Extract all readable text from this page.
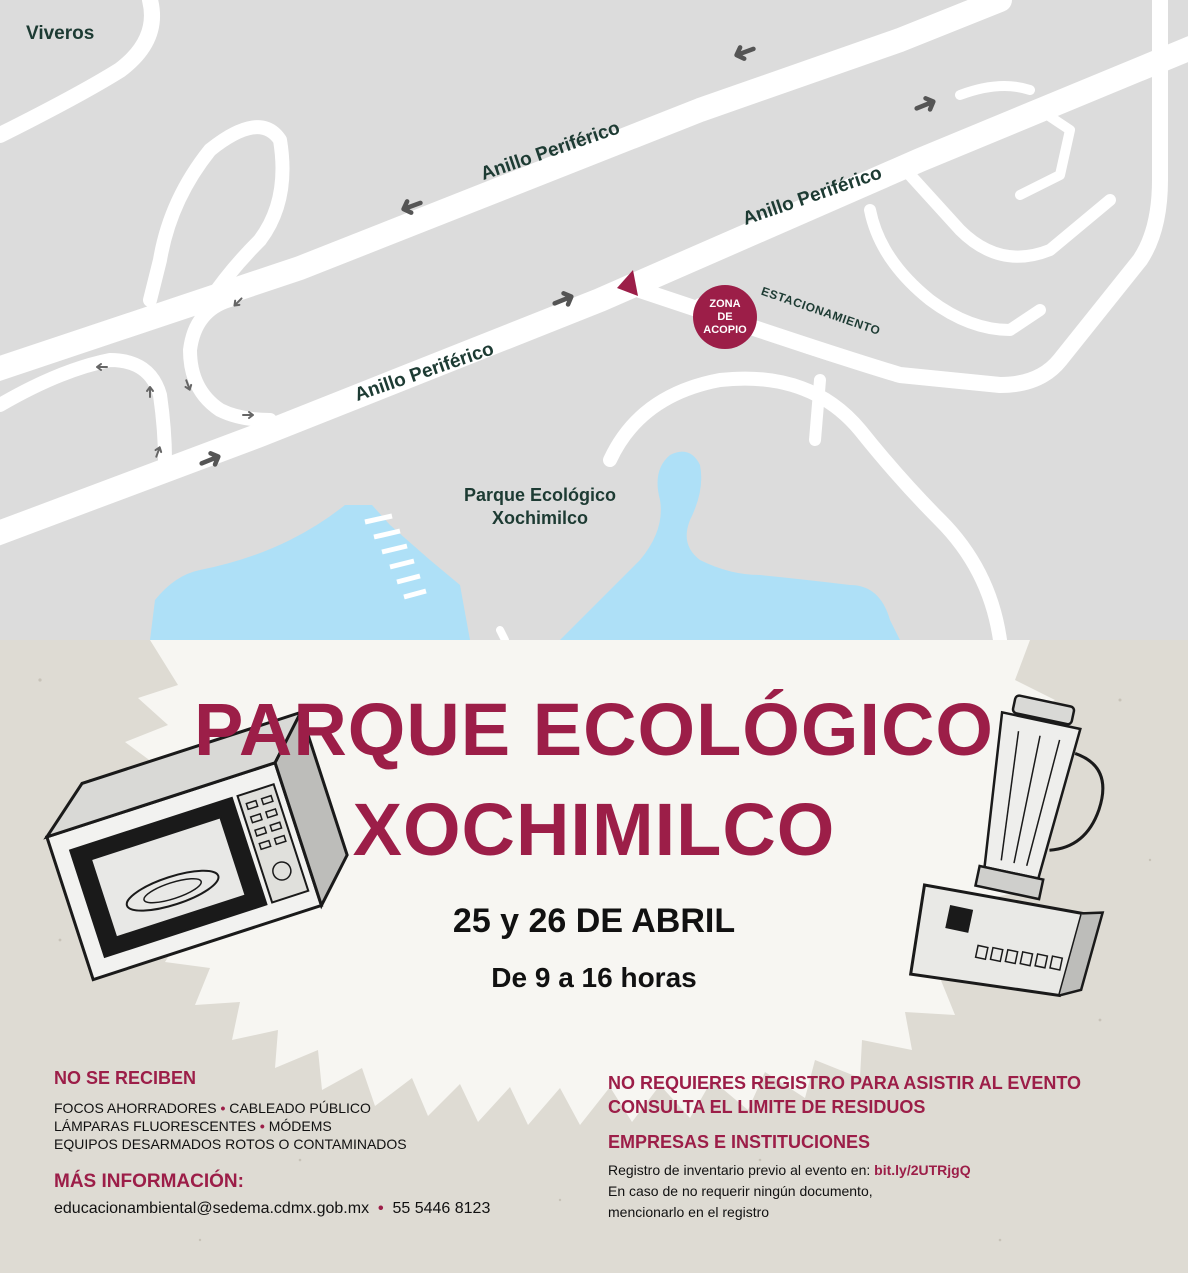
Viveros
Anillo Periférico
Anillo Periférico
Anillo Periférico
ESTACIONAMIENTO
Parque Ecológico
Xochimilco
ZONA
DE
ACOPIO
PARQUE ECOLÓGICO
XOCHIMILCO
25 y 26 DE ABRIL
De 9 a 16 horas
NO SE RECIBEN
FOCOS AHORRADORES • CABLEADO PÚBLICO
LÁMPARAS FLUORESCENTES • MÓDEMS
EQUIPOS DESARMADOS ROTOS O CONTAMINADOS
MÁS INFORMACIÓN:
educacionambiental@sedema.cdmx.gob.mx • 55 5446 8123
NO REQUIERES REGISTRO PARA ASISTIR AL EVENTO
CONSULTA EL LIMITE DE RESIDUOS
EMPRESAS E INSTITUCIONES
Registro de inventario previo al evento en: bit.ly/2UTRjgQ
En caso de no requerir ningún documento,
mencionarlo en el registro
